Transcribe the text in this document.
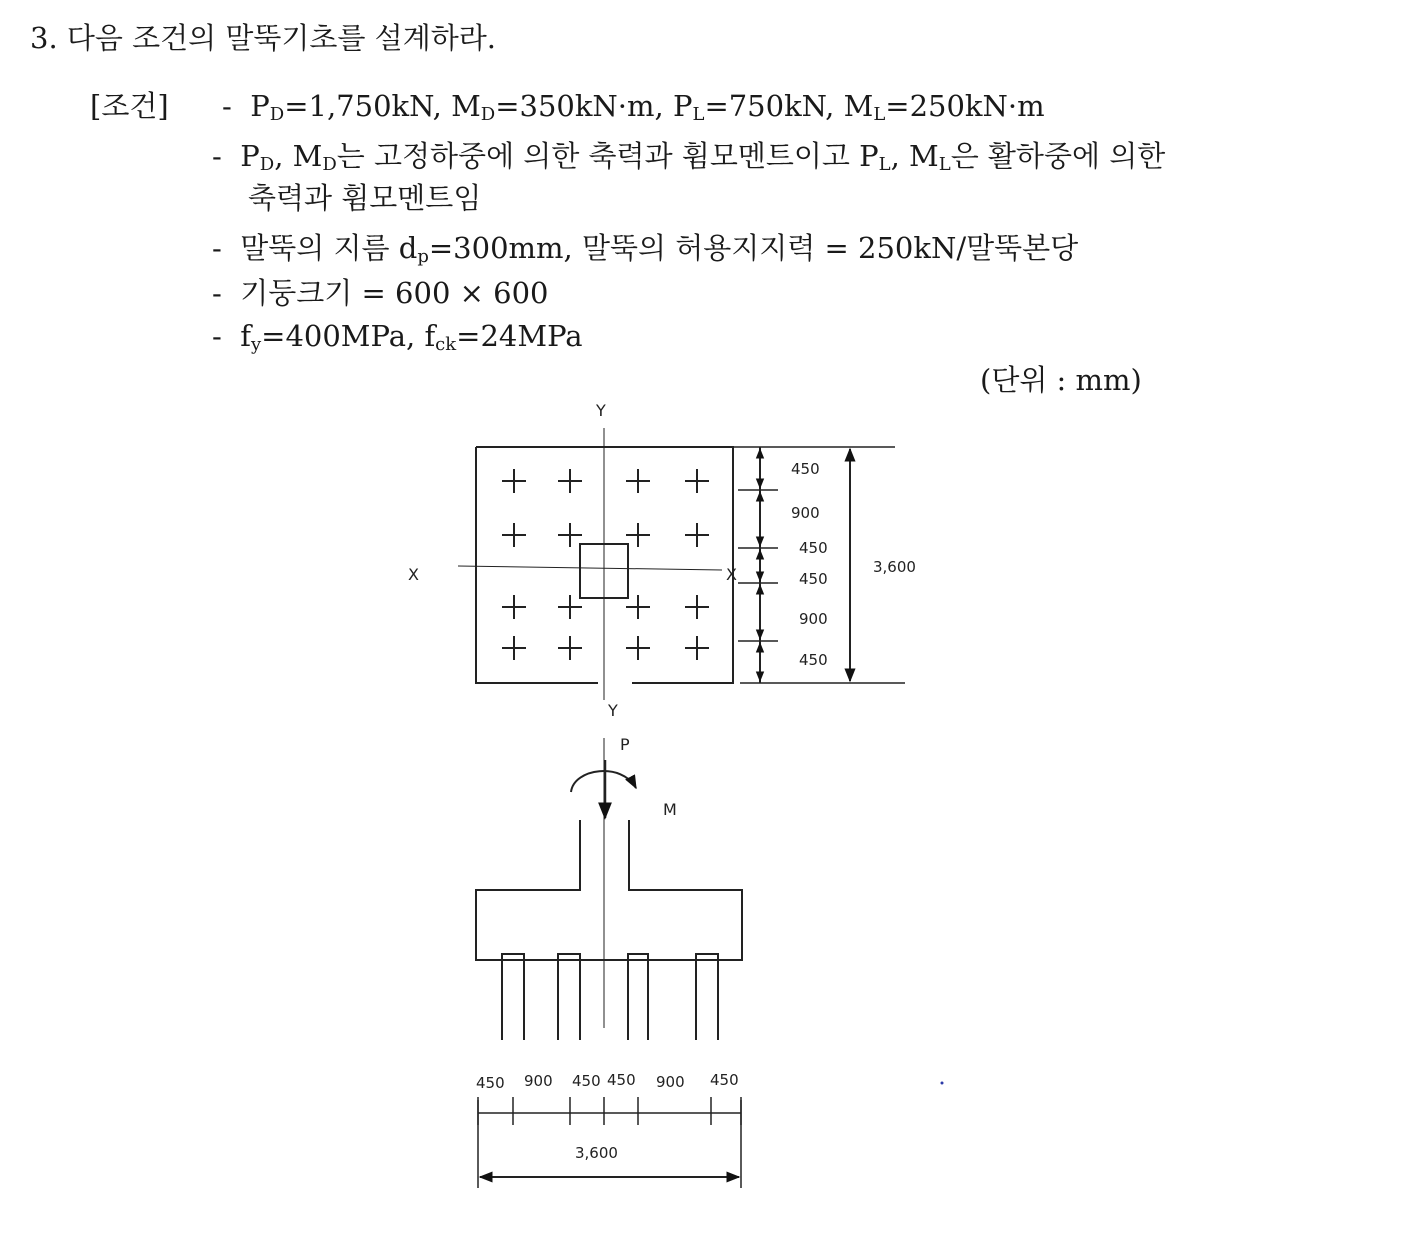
3. 다음 조건의 말뚝기초를 설계하라.
[조건] - $P_D=1,750kN$, $M_D=350kN\cdot m$, $P_L=750kN$, $M_L=250kN\cdot m$
- $P_D$, $M_D$는 고정하중에 의한 축력과 휨모멘트이고 $P_L$, $M_L$은 활하중에 의한
축력과 휨모멘트임
- 말뚝의 지름 $d_p=300mm$, 말뚝의 허용지지력 = 250kN/말뚝본당
- 기둥크기 = 600 × 600
- $f_y=400MPa$, $f_{ck}=24MPa$
(단위 : mm)
Y
Y
X	X
450
900
450
450
900
450
3,600
P
M
450 900 450 450 900 450
3,600
